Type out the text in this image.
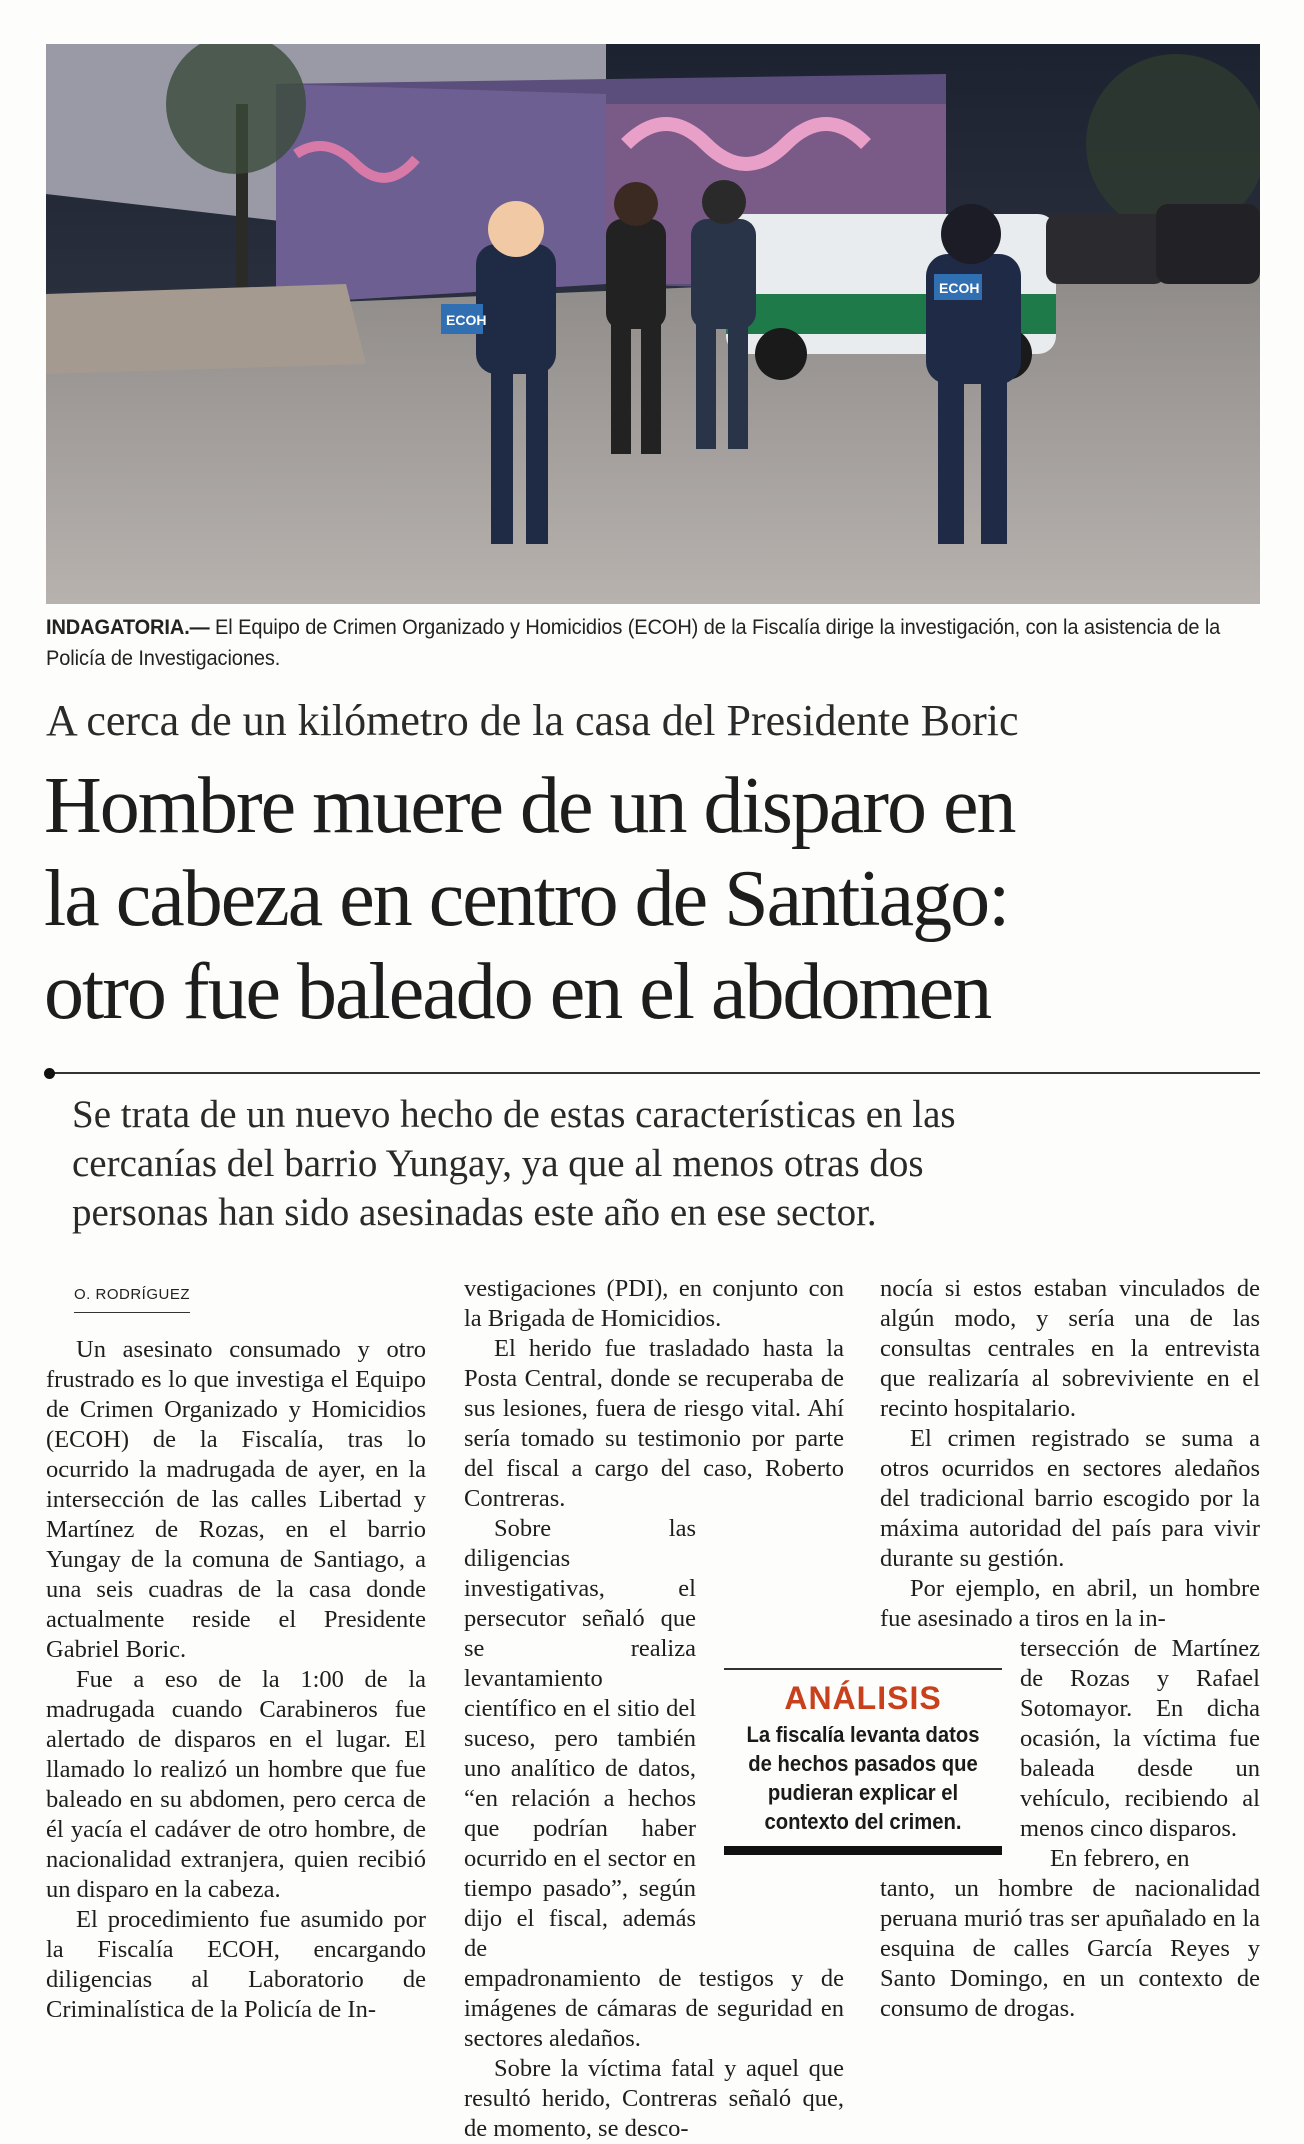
ECOH
ECOH
INDAGATORIA.— El Equipo de Crimen Organizado y Homicidios (ECOH) de la Fiscalía dirige la investigación, con la asistencia de la Policía de Investigaciones.
A cerca de un kilómetro de la casa del Presidente Boric
Hombre muere de un disparo en
la cabeza en centro de Santiago:
otro fue baleado en el abdomen
Se trata de un nuevo hecho de estas características en las
cercanías del barrio Yungay, ya que al menos otras dos
personas han sido asesinadas este año en ese sector.
O. RODRÍGUEZ

Un asesinato consumado y otro frustrado es lo que investiga el Equipo de Crimen Organizado y Homicidios (ECOH) de la Fiscalía, tras lo ocurrido la madrugada de ayer, en la intersección de las calles Libertad y Martínez de Rozas, en el barrio Yungay de la comuna de Santiago, a una seis cuadras de la casa donde actualmente reside el Presidente Gabriel Boric.

Fue a eso de la 1:00 de la madrugada cuando Carabineros fue alertado de disparos en el lugar. El llamado lo realizó un hombre que fue baleado en su abdomen, pero cerca de él yacía el cadáver de otro hombre, de nacionalidad extranjera, quien recibió un disparo en la cabeza.

El procedimiento fue asumido por la Fiscalía ECOH, encargando diligencias al Laboratorio de Criminalística de la Policía de In-

vestigaciones (PDI), en conjunto con la Brigada de Homicidios.

El herido fue trasladado hasta la Posta Central, donde se recuperaba de sus lesiones, fuera de riesgo vital. Ahí sería tomado su testimonio por parte del fiscal a cargo del caso, Roberto Contreras.

Sobre las diligencias investigativas, el persecutor señaló que se realiza levantamiento científico en el sitio del suceso, pero también uno analítico de datos, “en relación a hechos que podrían haber ocurrido en el sector en tiempo pasado”, según dijo el fiscal, además de

empadronamiento de testigos y de imágenes de cámaras de seguridad en sectores aledaños.

Sobre la víctima fatal y aquel que resultó herido, Contreras señaló que, de momento, se desco-

ANÁLISIS
La fiscalía levanta datos de hechos pasados que pudieran explicar el contexto del crimen.

nocía si estos estaban vinculados de algún modo, y sería una de las consultas centrales en la entrevista que realizaría al sobreviviente en el recinto hospitalario.

El crimen registrado se suma a otros ocurridos en sectores aledaños del tradicional barrio escogido por la máxima autoridad del país para vivir durante su gestión.

Por ejemplo, en abril, un hombre fue asesinado a tiros en la in-

tersección de Martínez de Rozas y Rafael Sotomayor. En dicha ocasión, la víctima fue baleada desde un vehículo, recibiendo al menos cinco disparos.

En febrero, en

tanto, un hombre de nacionalidad peruana murió tras ser apuñalado en la esquina de calles García Reyes y Santo Domingo, en un contexto de consumo de drogas.
